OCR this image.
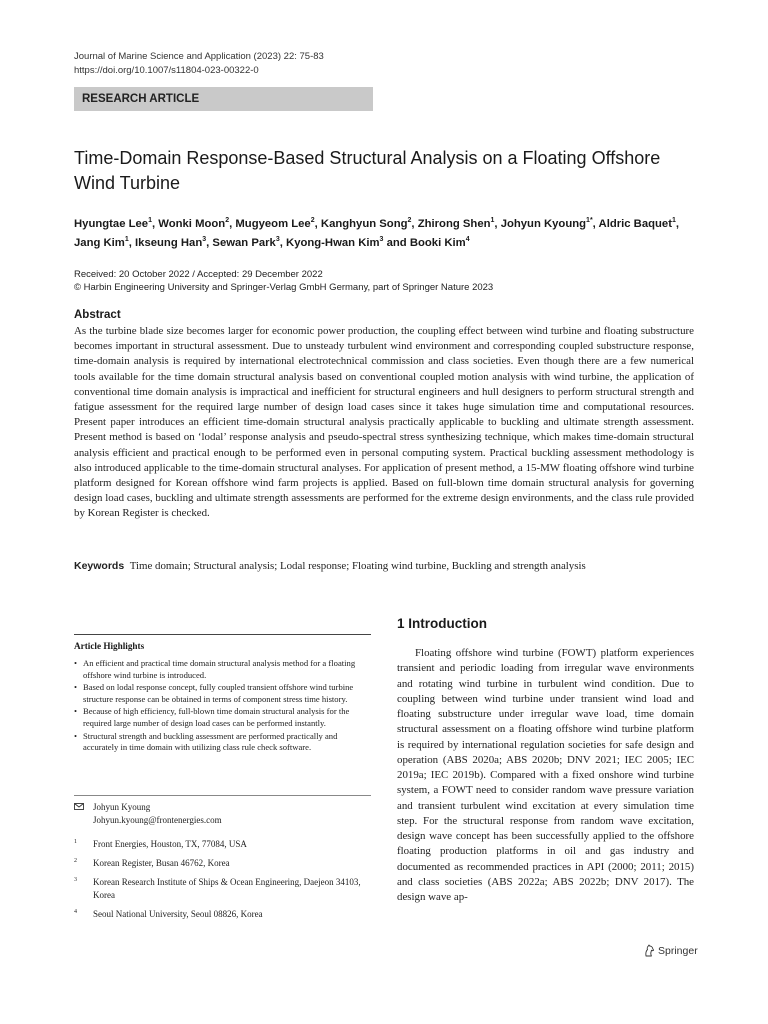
Journal of Marine Science and Application (2023) 22: 75-83
https://doi.org/10.1007/s11804-023-00322-0
RESEARCH ARTICLE
Time-Domain Response-Based Structural Analysis on a Floating Offshore Wind Turbine
Hyungtae Lee$^1$, Wonki Moon$^2$, Mugyeom Lee$^2$, Kanghyun Song$^2$, Zhirong Shen$^1$, Johyun Kyoung$^{1*}$, Aldric Baquet$^1$, Jang Kim$^1$, Ikseung Han$^3$, Sewan Park$^3$, Kyong-Hwan Kim$^3$ and Booki Kim$^4$
Received: 20 October 2022 / Accepted: 29 December 2022
© Harbin Engineering University and Springer-Verlag GmbH Germany, part of Springer Nature 2023
Abstract

As the turbine blade size becomes larger for economic power production, the coupling effect between wind turbine and floating substructure becomes important in structural assessment. Due to unsteady turbulent wind environment and corresponding coupled substructure response, time-domain analysis is required by international electrotechnical commission and class societies. Even though there are a few numerical tools available for the time domain structural analysis based on conventional coupled motion analysis with wind turbine, the application of conventional time domain analysis is impractical and inefficient for structural engineers and hull designers to perform structural strength and fatigue assessment for the required large number of design load cases since it takes huge simulation time and computational resources. Present paper introduces an efficient time-domain structural analysis practically applicable to buckling and ultimate strength assessment. Present method is based on ‘lodal’ response analysis and pseudo-spectral stress synthesizing technique, which makes time-domain structural analysis efficient and practical enough to be performed even in personal computing system. Practical buckling assessment methodology is also introduced applicable to the time-domain structural analyses. For application of present method, a 15-MW floating offshore wind turbine platform designed for Korean offshore wind farm projects is applied. Based on full-blown time domain structural analysis for governing design load cases, buckling and ultimate strength assessments are performed for the extreme design environments, and the class rule provided by Korean Register is checked.

Keywords Time domain; Structural analysis; Lodal response; Floating wind turbine, Buckling and strength analysis
Article Highlights
• An efficient and practical time domain structural analysis method for a floating offshore wind turbine is introduced.
• Based on lodal response concept, fully coupled transient offshore wind turbine structure response can be obtained in terms of component stress time history.
• Because of high efficiency, full-blown time domain structural analysis for the required large number of design load cases can be performed instantly.
• Structural strength and buckling assessment are performed practically and accurately in time domain with utilizing class rule check software.
Johyun Kyoung
Johyun.kyoung@frontenergies.com
1 Front Energies, Houston, TX, 77084, USA
2 Korean Register, Busan 46762, Korea
3 Korean Research Institute of Ships & Ocean Engineering, Daejeon 34103, Korea
4 Seoul National University, Seoul 08826, Korea
1 Introduction

Floating offshore wind turbine (FOWT) platform experiences transient and periodic loading from irregular wave environments and rotating wind turbine in turbulent wind condition. Due to coupling between wind turbine under transient wind load and floating substructure under irregular wave load, time domain structural assessment on a floating offshore wind turbine platform is required by international regulation societies for safe design and operation (ABS 2020a; ABS 2020b; DNV 2021; IEC 2005; IEC 2019a; IEC 2019b). Compared with a fixed onshore wind turbine system, a FOWT need to consider random wave pressure variation and transient turbulent wind excitation at every simulation time step. For the structural response from random wave excitation, design wave concept has been successfully applied to the offshore floating production platforms in oil and gas industry and documented as recommended practices in API (2000; 2011; 2015) and class societies (ABS 2022a; ABS 2022b; DNV 2017). The design wave ap-

Springer
